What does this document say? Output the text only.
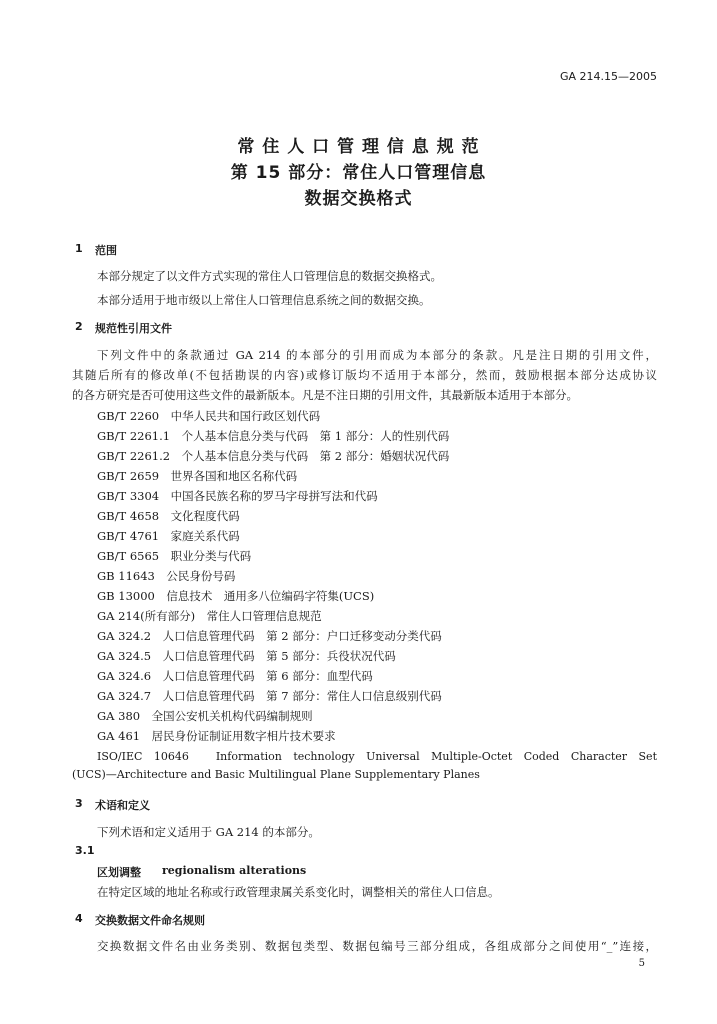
GA 214.15—2005
常 住 人 口 管 理 信 息 规 范
第 15 部分：常住人口管理信息
数据交换格式
1 范围
本部分规定了以文件方式实现的常住人口管理信息的数据交换格式。
本部分适用于地市级以上常住人口管理信息系统之间的数据交换。
2 规范性引用文件
下列文件中的条款通过 GA 214 的本部分的引用而成为本部分的条款。凡是注日期的引用文件，
其随后所有的修改单(不包括勘误的内容)或修订版均不适用于本部分，然而，鼓励根据本部分达成协议
的各方研究是否可使用这些文件的最新版本。凡是不注日期的引用文件，其最新版本适用于本部分。
GB/T 2260　中华人民共和国行政区划代码
GB/T 2261.1　个人基本信息分类与代码　第 1 部分：人的性别代码
GB/T 2261.2　个人基本信息分类与代码　第 2 部分：婚姻状况代码
GB/T 2659　世界各国和地区名称代码
GB/T 3304　中国各民族名称的罗马字母拼写法和代码
GB/T 4658　文化程度代码
GB/T 4761　家庭关系代码
GB/T 6565　职业分类与代码
GB 11643　公民身份号码
GB 13000　信息技术　通用多八位编码字符集(UCS)
GA 214(所有部分)　常住人口管理信息规范
GA 324.2　人口信息管理代码　第 2 部分：户口迁移变动分类代码
GA 324.5　人口信息管理代码　第 5 部分：兵役状况代码
GA 324.6　人口信息管理代码　第 6 部分：血型代码
GA 324.7　人口信息管理代码　第 7 部分：常住人口信息级别代码
GA 380　全国公安机关机构代码编制规则
GA 461　居民身份证制证用数字相片技术要求
ISO/IEC 10646　Information technology Universal Multiple-Octet Coded Character Set
(UCS)—Architecture and Basic Multilingual Plane Supplementary Planes
3 术语和定义
下列术语和定义适用于 GA 214 的本部分。
3.1
区划调整 regionalism alterations
在特定区域的地址名称或行政管理隶属关系变化时，调整相关的常住人口信息。
4 交换数据文件命名规则
交换数据文件名由业务类别、数据包类型、数据包编号三部分组成，各组成部分之间使用“_”连接，
5
